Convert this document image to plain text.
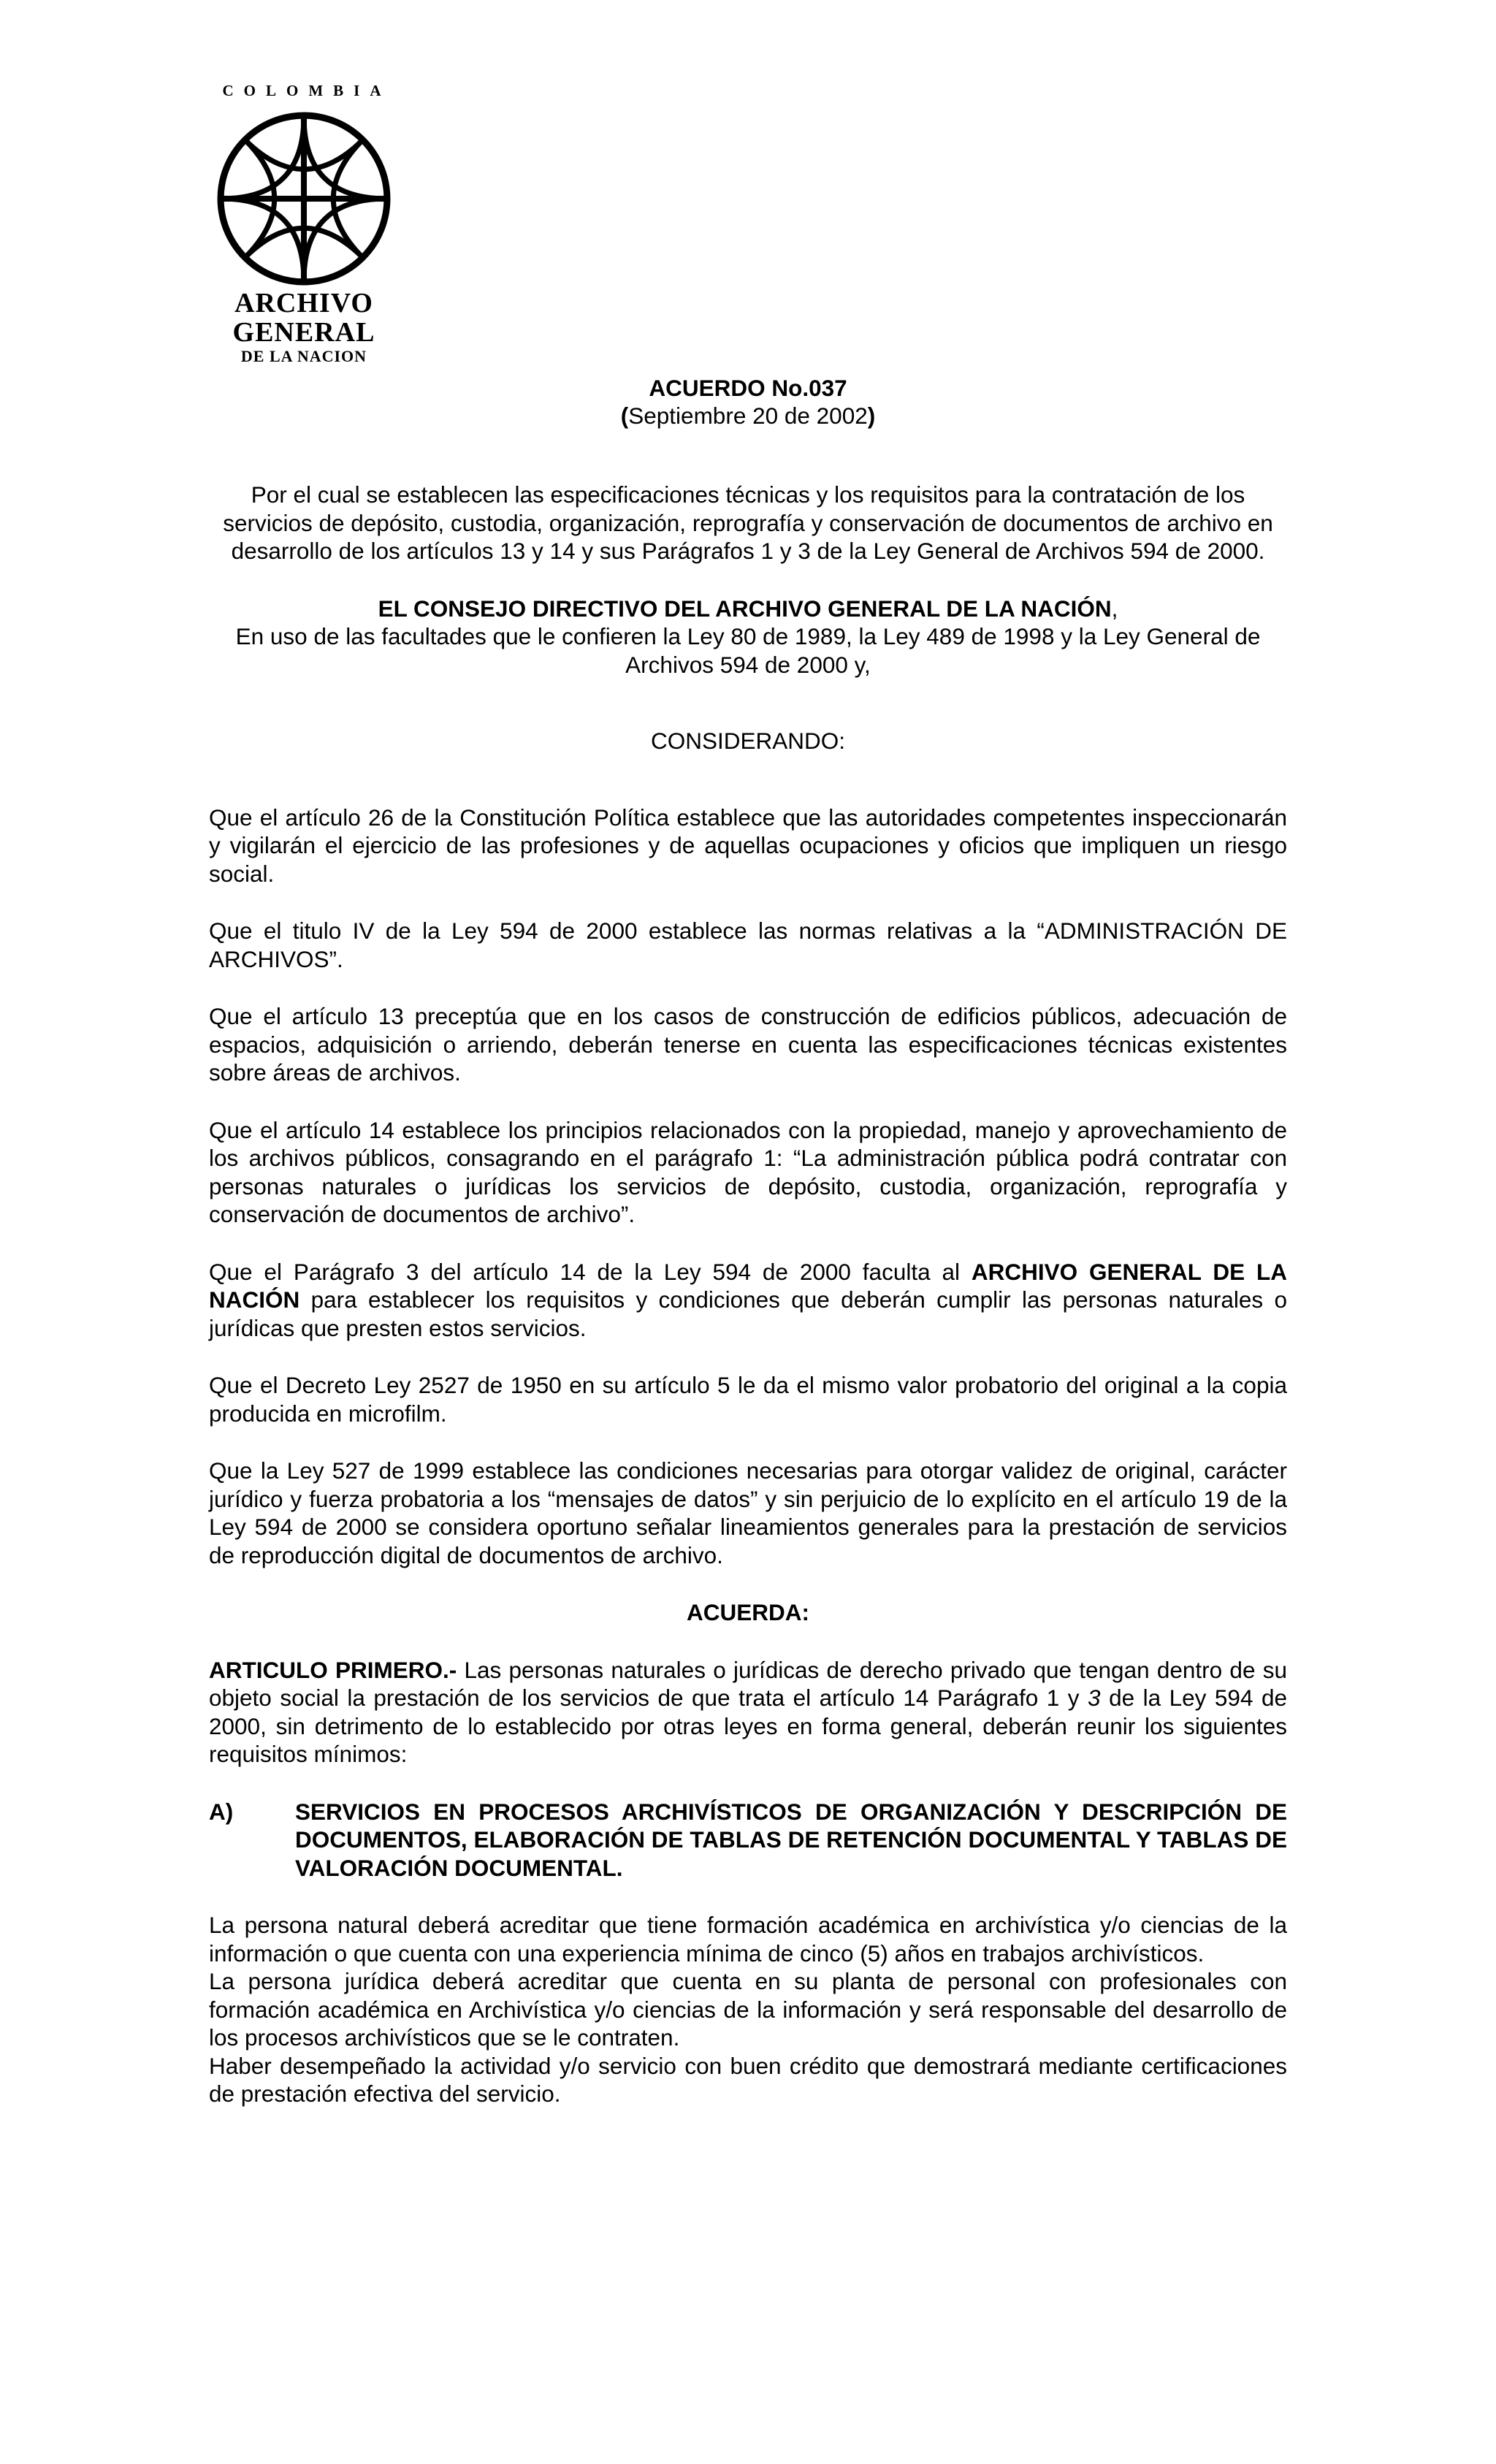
COLOMBIA
ARCHIVO
GENERAL
DE LA NACION

ACUERDO No.037

(Septiembre 20 de 2002)

Por el cual se establecen las especificaciones técnicas y los requisitos para la contratación de los servicios de depósito, custodia, organización, reprografía y conservación de documentos de archivo en desarrollo de los artículos 13 y 14 y sus Parágrafos 1 y 3 de la Ley General de Archivos 594 de 2000.

EL CONSEJO DIRECTIVO DEL ARCHIVO GENERAL DE LA NACIÓN,

En uso de las facultades que le confieren la Ley 80 de 1989, la Ley 489 de 1998 y la Ley General de Archivos 594 de 2000 y,

CONSIDERANDO:

Que el artículo 26 de la Constitución Política establece que las autoridades competentes inspeccionarán y vigilarán el ejercicio de las profesiones y de aquellas ocupaciones y oficios que impliquen un riesgo social.

Que el titulo IV de la Ley 594 de 2000 establece las normas relativas a la “ADMINISTRACIÓN DE ARCHIVOS”.

Que el artículo 13 preceptúa que en los casos de construcción de edificios públicos, adecuación de espacios, adquisición o arriendo, deberán tenerse en cuenta las especificaciones técnicas existentes sobre áreas de archivos.

Que el artículo 14 establece los principios relacionados con la propiedad, manejo y aprovechamiento de los archivos públicos, consagrando en el parágrafo 1: “La administración pública podrá contratar con personas naturales o jurídicas los servicios de depósito, custodia, organización, reprografía y conservación de documentos de archivo”.

Que el Parágrafo 3 del artículo 14 de la Ley 594 de 2000 faculta al ARCHIVO GENERAL DE LA NACIÓN para establecer los requisitos y condiciones que deberán cumplir las personas naturales o jurídicas que presten estos servicios.

Que el Decreto Ley 2527 de 1950 en su artículo 5 le da el mismo valor probatorio del original a la copia producida en microfilm.

Que la Ley 527 de 1999 establece las condiciones necesarias para otorgar validez de original, carácter jurídico y fuerza probatoria a los “mensajes de datos” y sin perjuicio de lo explícito en el artículo 19 de la Ley 594 de 2000 se considera oportuno señalar lineamientos generales para la prestación de servicios de reproducción digital de documentos de archivo.

ACUERDA:

ARTICULO PRIMERO.- Las personas naturales o jurídicas de derecho privado que tengan dentro de su objeto social la prestación de los servicios de que trata el artículo 14 Parágrafo 1 y 3 de la Ley 594 de 2000, sin detrimento de lo establecido por otras leyes en forma general, deberán reunir los siguientes requisitos mínimos:

A)	SERVICIOS EN PROCESOS ARCHIVÍSTICOS DE ORGANIZACIÓN Y DESCRIPCIÓN DE DOCUMENTOS, ELABORACIÓN DE TABLAS DE RETENCIÓN DOCUMENTAL Y TABLAS DE VALORACIÓN DOCUMENTAL.

La persona natural deberá acreditar que tiene formación académica en archivística y/o ciencias de la información o que cuenta con una experiencia mínima de cinco (5) años en trabajos archivísticos.

La persona jurídica deberá acreditar que cuenta en su planta de personal con profesionales con formación académica en Archivística y/o ciencias de la información y será responsable del desarrollo de los procesos archivísticos que se le contraten.

Haber desempeñado la actividad y/o servicio con buen crédito que demostrará mediante certificaciones de prestación efectiva del servicio.
